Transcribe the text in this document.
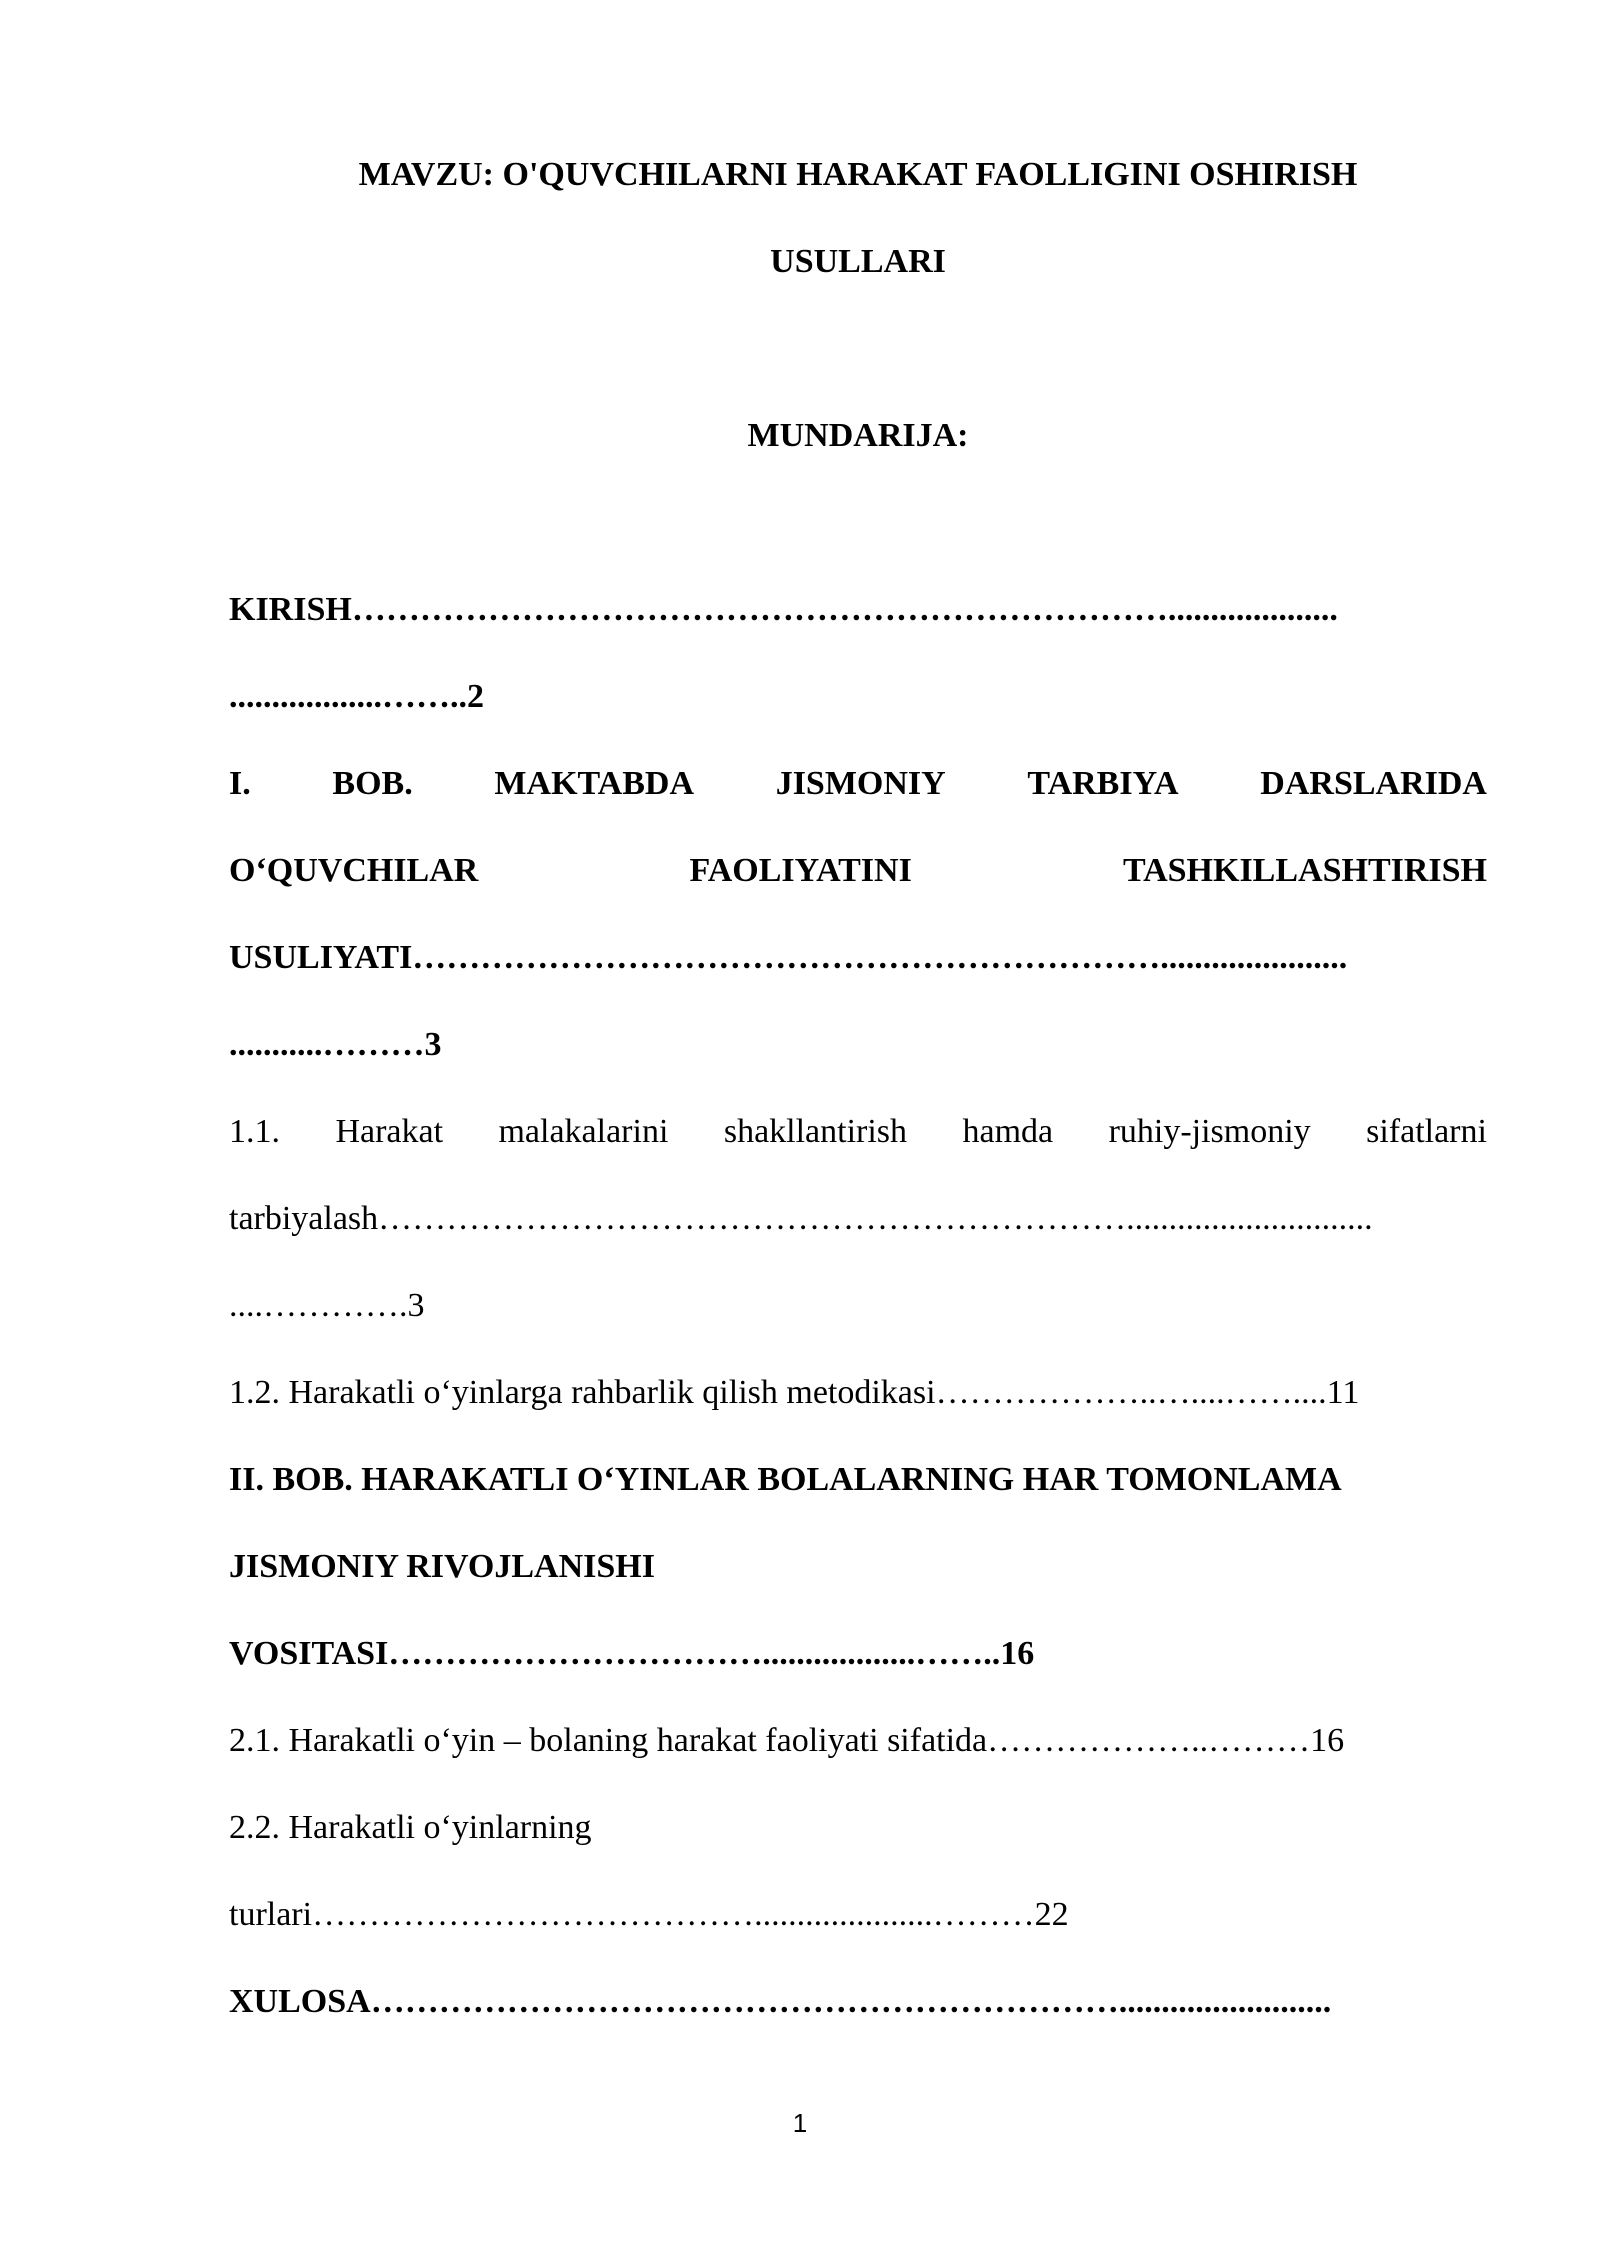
MAVZU: O'QUVCHILARNI HARAKAT FAOLLIGINI OSHIRISH
USULLARI
MUNDARIJA:
KIRISH………………………………………………………………....................
..................……..2
I. BOB. MAKTABDA JISMONIY TARBIYA DARSLARIDA
O‘QUVCHILAR	FAOLIYATINI	TASHKILLASHTIRISH
USULIYATI…………………………………………………………......................
...........………3
1.1. Harakat malakalarini shakllantirish hamda ruhiy-jismoniy sifatlarni
tarbiyalash………………………………………………………….............................
....………….3
1.2. Harakatli o‘yinlarga rahbarlik qilish metodikasi………………..…....……....11
II. BOB. HARAKATLI O‘YINLAR BOLALARNING HAR TOMONLAMA
JISMONIY RIVOJLANISHI
VOSITASI……………………………..................……..16
2.1. Harakatli o‘yin – bolaning harakat faoliyati sifatida………………..………16
2.2. Harakatli o‘yinlarning
turlari………………………………….....................………22
XULOSA………………………………………………………….........................
1
